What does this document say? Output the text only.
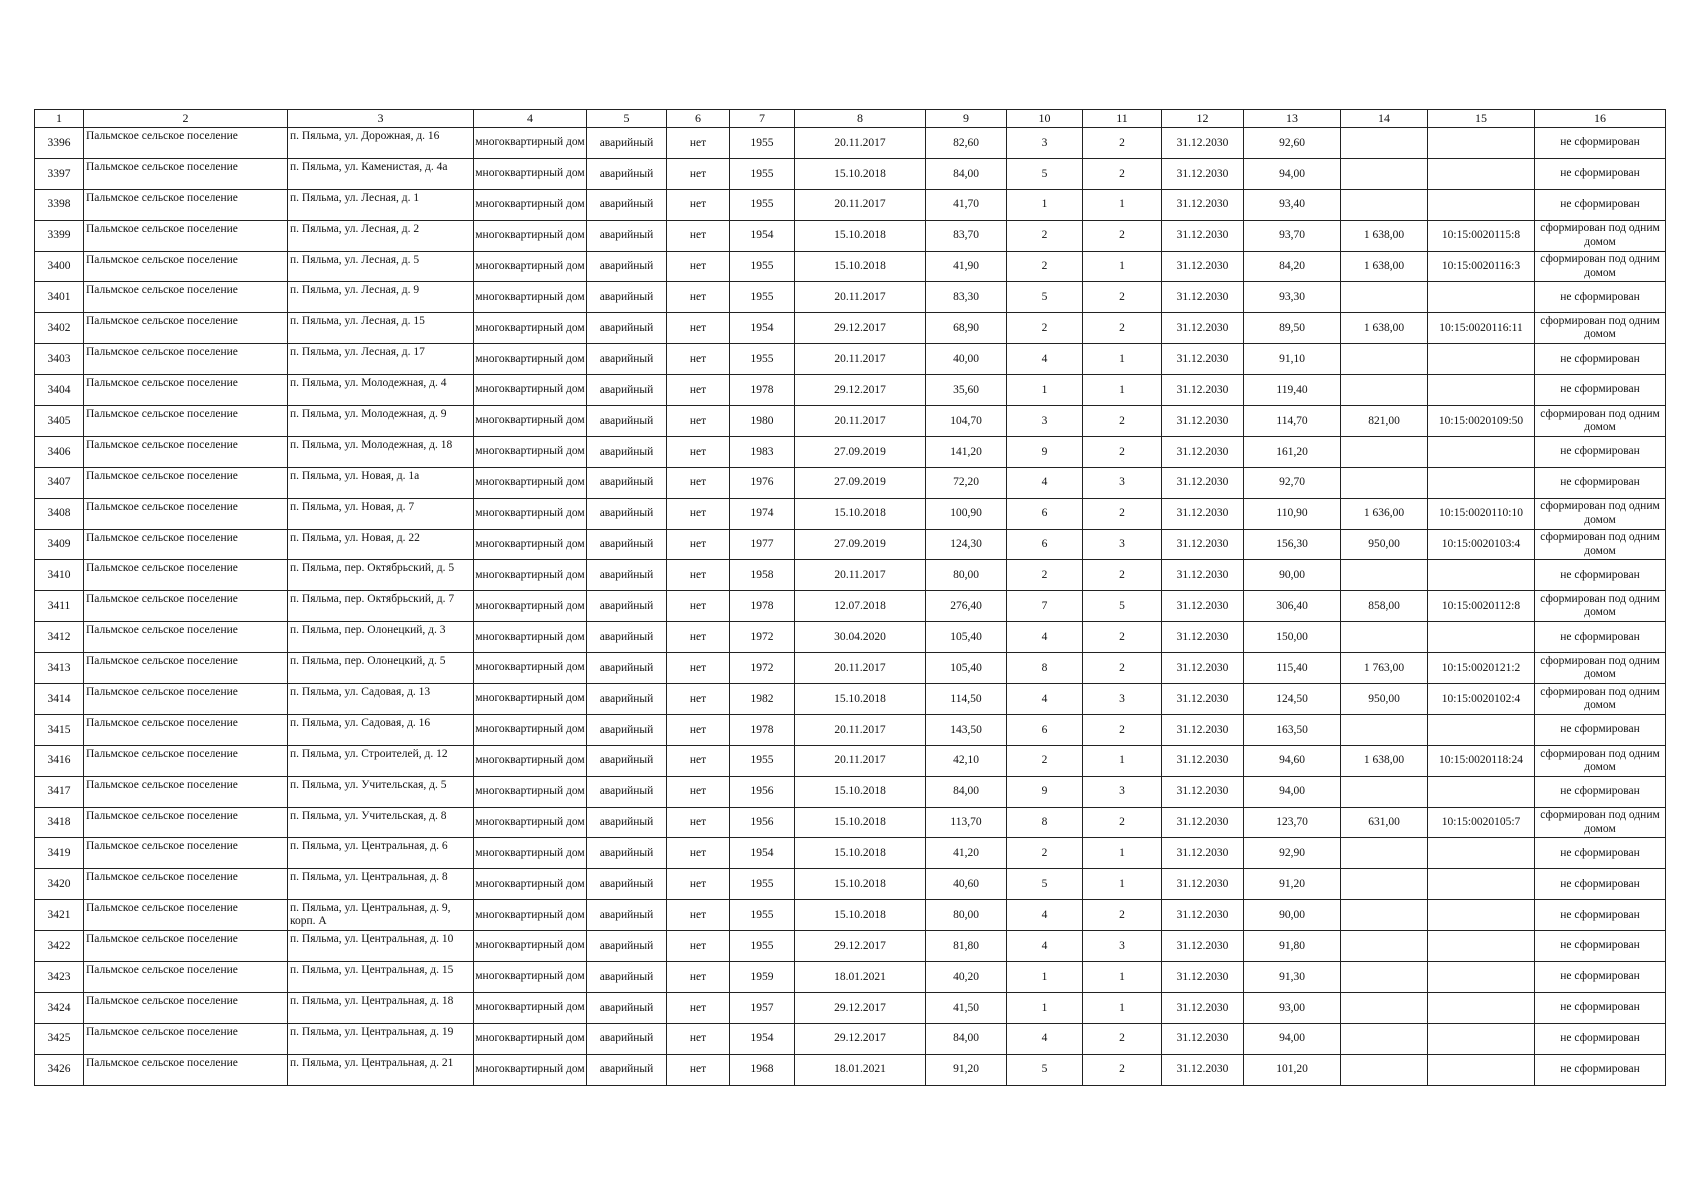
1	2	3	4	5	6	7	8	9	10	11	12	13	14	15	16
3396	Пальмское сельское поселение	п. Пяльма, ул. Дорожная, д. 16	многоквартирный дом	аварийный	нет	1955	20.11.2017	82,60	3	2	31.12.2030	92,60			не сформирован
3397	Пальмское сельское поселение	п. Пяльма, ул. Каменистая, д. 4а	многоквартирный дом	аварийный	нет	1955	15.10.2018	84,00	5	2	31.12.2030	94,00			не сформирован
3398	Пальмское сельское поселение	п. Пяльма, ул. Лесная, д. 1	многоквартирный дом	аварийный	нет	1955	20.11.2017	41,70	1	1	31.12.2030	93,40			не сформирован
3399	Пальмское сельское поселение	п. Пяльма, ул. Лесная, д. 2	многоквартирный дом	аварийный	нет	1954	15.10.2018	83,70	2	2	31.12.2030	93,70	1 638,00	10:15:0020115:8	сформирован под одним домом
3400	Пальмское сельское поселение	п. Пяльма, ул. Лесная, д. 5	многоквартирный дом	аварийный	нет	1955	15.10.2018	41,90	2	1	31.12.2030	84,20	1 638,00	10:15:0020116:3	сформирован под одним домом
3401	Пальмское сельское поселение	п. Пяльма, ул. Лесная, д. 9	многоквартирный дом	аварийный	нет	1955	20.11.2017	83,30	5	2	31.12.2030	93,30			не сформирован
3402	Пальмское сельское поселение	п. Пяльма, ул. Лесная, д. 15	многоквартирный дом	аварийный	нет	1954	29.12.2017	68,90	2	2	31.12.2030	89,50	1 638,00	10:15:0020116:11	сформирован под одним домом
3403	Пальмское сельское поселение	п. Пяльма, ул. Лесная, д. 17	многоквартирный дом	аварийный	нет	1955	20.11.2017	40,00	4	1	31.12.2030	91,10			не сформирован
3404	Пальмское сельское поселение	п. Пяльма, ул. Молодежная, д. 4	многоквартирный дом	аварийный	нет	1978	29.12.2017	35,60	1	1	31.12.2030	119,40			не сформирован
3405	Пальмское сельское поселение	п. Пяльма, ул. Молодежная, д. 9	многоквартирный дом	аварийный	нет	1980	20.11.2017	104,70	3	2	31.12.2030	114,70	821,00	10:15:0020109:50	сформирован под одним домом
3406	Пальмское сельское поселение	п. Пяльма, ул. Молодежная, д. 18	многоквартирный дом	аварийный	нет	1983	27.09.2019	141,20	9	2	31.12.2030	161,20			не сформирован
3407	Пальмское сельское поселение	п. Пяльма, ул. Новая, д. 1а	многоквартирный дом	аварийный	нет	1976	27.09.2019	72,20	4	3	31.12.2030	92,70			не сформирован
3408	Пальмское сельское поселение	п. Пяльма, ул. Новая, д. 7	многоквартирный дом	аварийный	нет	1974	15.10.2018	100,90	6	2	31.12.2030	110,90	1 636,00	10:15:0020110:10	сформирован под одним домом
3409	Пальмское сельское поселение	п. Пяльма, ул. Новая, д. 22	многоквартирный дом	аварийный	нет	1977	27.09.2019	124,30	6	3	31.12.2030	156,30	950,00	10:15:0020103:4	сформирован под одним домом
3410	Пальмское сельское поселение	п. Пяльма, пер. Октябрьский, д. 5	многоквартирный дом	аварийный	нет	1958	20.11.2017	80,00	2	2	31.12.2030	90,00			не сформирован
3411	Пальмское сельское поселение	п. Пяльма, пер. Октябрьский, д. 7	многоквартирный дом	аварийный	нет	1978	12.07.2018	276,40	7	5	31.12.2030	306,40	858,00	10:15:0020112:8	сформирован под одним домом
3412	Пальмское сельское поселение	п. Пяльма, пер. Олонецкий, д. 3	многоквартирный дом	аварийный	нет	1972	30.04.2020	105,40	4	2	31.12.2030	150,00			не сформирован
3413	Пальмское сельское поселение	п. Пяльма, пер. Олонецкий, д. 5	многоквартирный дом	аварийный	нет	1972	20.11.2017	105,40	8	2	31.12.2030	115,40	1 763,00	10:15:0020121:2	сформирован под одним домом
3414	Пальмское сельское поселение	п. Пяльма, ул. Садовая, д. 13	многоквартирный дом	аварийный	нет	1982	15.10.2018	114,50	4	3	31.12.2030	124,50	950,00	10:15:0020102:4	сформирован под одним домом
3415	Пальмское сельское поселение	п. Пяльма, ул. Садовая, д. 16	многоквартирный дом	аварийный	нет	1978	20.11.2017	143,50	6	2	31.12.2030	163,50			не сформирован
3416	Пальмское сельское поселение	п. Пяльма, ул. Строителей, д. 12	многоквартирный дом	аварийный	нет	1955	20.11.2017	42,10	2	1	31.12.2030	94,60	1 638,00	10:15:0020118:24	сформирован под одним домом
3417	Пальмское сельское поселение	п. Пяльма, ул. Учительская, д. 5	многоквартирный дом	аварийный	нет	1956	15.10.2018	84,00	9	3	31.12.2030	94,00			не сформирован
3418	Пальмское сельское поселение	п. Пяльма, ул. Учительская, д. 8	многоквартирный дом	аварийный	нет	1956	15.10.2018	113,70	8	2	31.12.2030	123,70	631,00	10:15:0020105:7	сформирован под одним домом
3419	Пальмское сельское поселение	п. Пяльма, ул. Центральная, д. 6	многоквартирный дом	аварийный	нет	1954	15.10.2018	41,20	2	1	31.12.2030	92,90			не сформирован
3420	Пальмское сельское поселение	п. Пяльма, ул. Центральная, д. 8	многоквартирный дом	аварийный	нет	1955	15.10.2018	40,60	5	1	31.12.2030	91,20			не сформирован
3421	Пальмское сельское поселение	п. Пяльма, ул. Центральная, д. 9, корп. А	многоквартирный дом	аварийный	нет	1955	15.10.2018	80,00	4	2	31.12.2030	90,00			не сформирован
3422	Пальмское сельское поселение	п. Пяльма, ул. Центральная, д. 10	многоквартирный дом	аварийный	нет	1955	29.12.2017	81,80	4	3	31.12.2030	91,80			не сформирован
3423	Пальмское сельское поселение	п. Пяльма, ул. Центральная, д. 15	многоквартирный дом	аварийный	нет	1959	18.01.2021	40,20	1	1	31.12.2030	91,30			не сформирован
3424	Пальмское сельское поселение	п. Пяльма, ул. Центральная, д. 18	многоквартирный дом	аварийный	нет	1957	29.12.2017	41,50	1	1	31.12.2030	93,00			не сформирован
3425	Пальмское сельское поселение	п. Пяльма, ул. Центральная, д. 19	многоквартирный дом	аварийный	нет	1954	29.12.2017	84,00	4	2	31.12.2030	94,00			не сформирован
3426	Пальмское сельское поселение	п. Пяльма, ул. Центральная, д. 21	многоквартирный дом	аварийный	нет	1968	18.01.2021	91,20	5	2	31.12.2030	101,20			не сформирован
